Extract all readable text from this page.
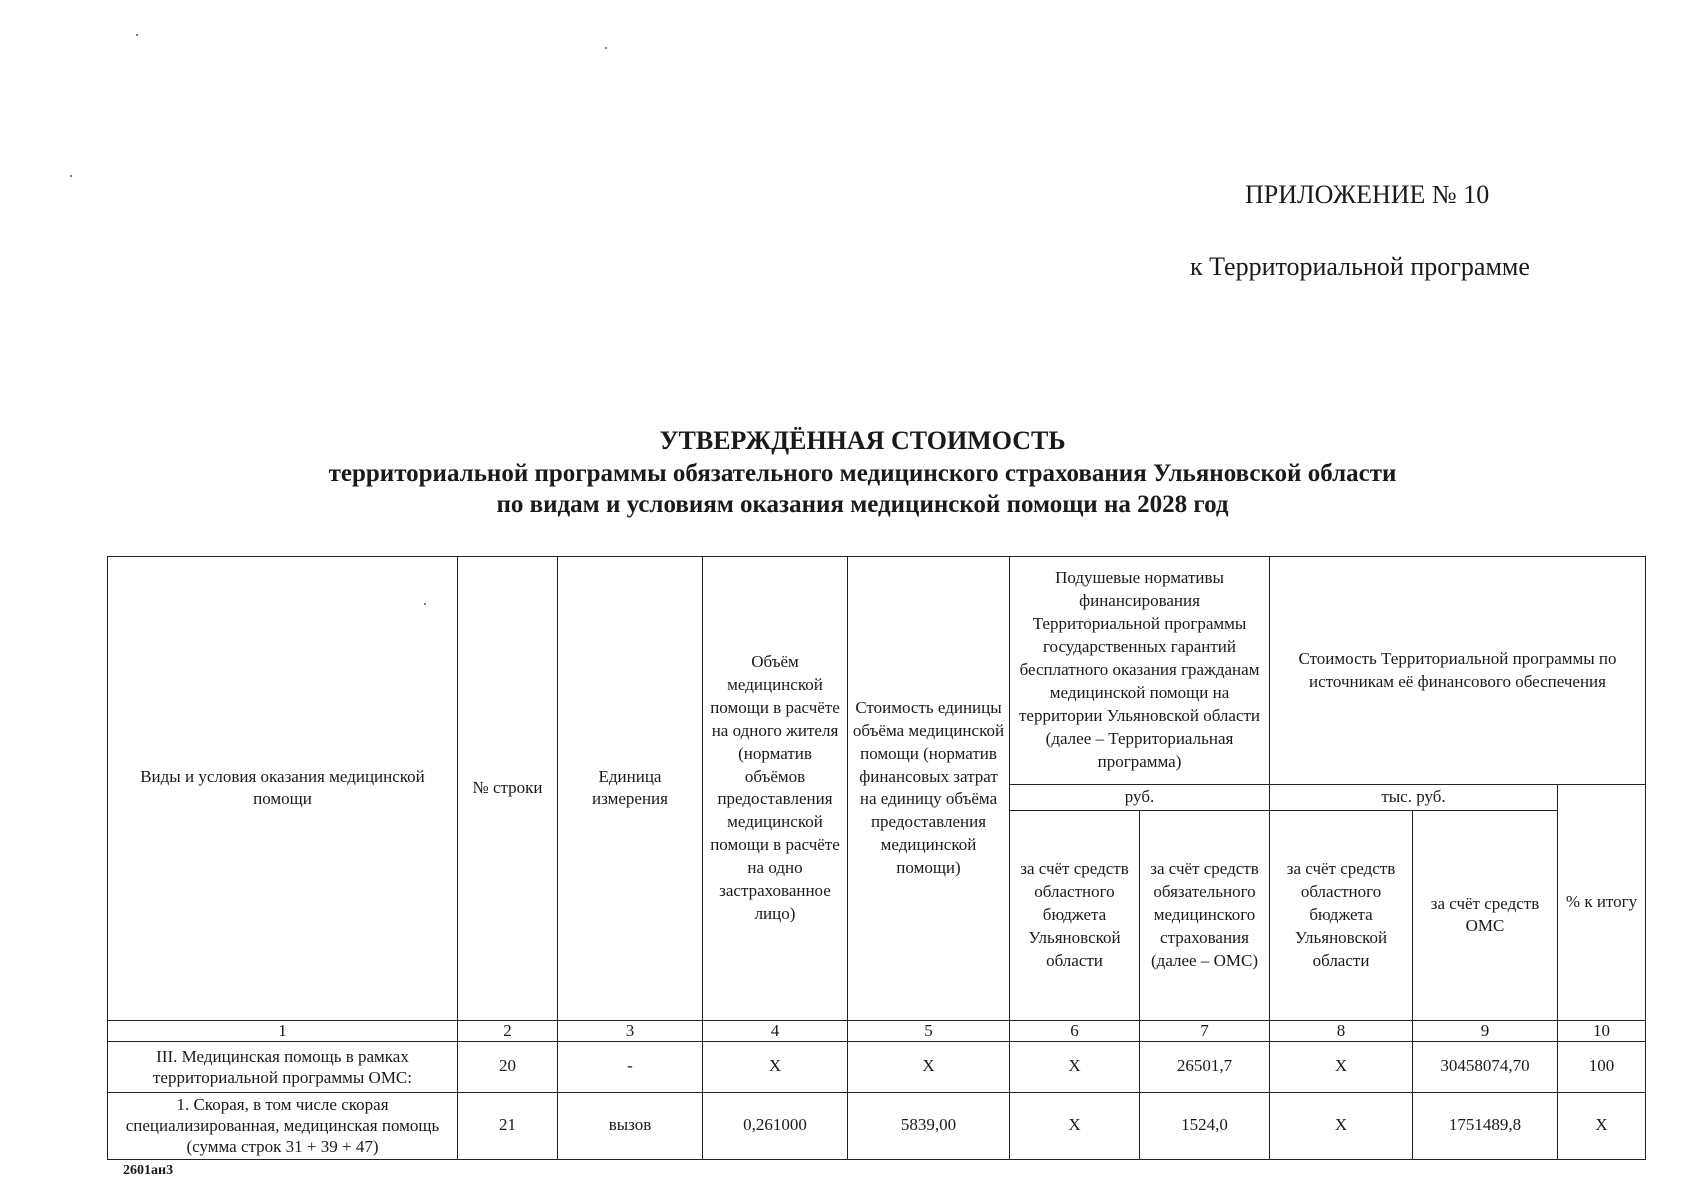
ПРИЛОЖЕНИЕ № 10
к Территориальной программе
УТВЕРЖДЁННАЯ СТОИМОСТЬ
территориальной программы обязательного медицинского страхования Ульяновской области
по видам и условиям оказания медицинской помощи на 2028 год
Виды и условия оказания медицинской помощи	№ строки	Единица измерения	Объём медицинской помощи в расчёте на одного жителя (норматив объёмов предоставления медицинской помощи в расчёте на одно застрахованное лицо)	Стоимость единицы объёма медицинской помощи (норматив финансовых затрат на единицу объёма предоставления медицинской помощи)	Подушевые нормативы финансирования Территориальной программы государственных гарантий бесплатного оказания гражданам медицинской помощи на территории Ульяновской области (далее – Территориальная программа)		Стоимость Территориальной программы по источникам её финансового обеспечения		
					руб.		тыс. руб.		% к итогу
					за счёт средств областного бюджета Ульяновской области	за счёт средств обязательного медицинского страхования (далее – ОМС)	за счёт средств областного бюджета Ульяновской области	за счёт средств ОМС	
1	2	3	4	5	6	7	8	9	10
III. Медицинская помощь в рамках территориальной программы ОМС:	20	-	X	X	X	26501,7	X	30458074,70	100
1. Скорая, в том числе скорая специализированная, медицинская помощь (сумма строк 31 + 39 + 47)	21	вызов	0,261000	5839,00	X	1524,0	X	1751489,8	X
2601ан3
